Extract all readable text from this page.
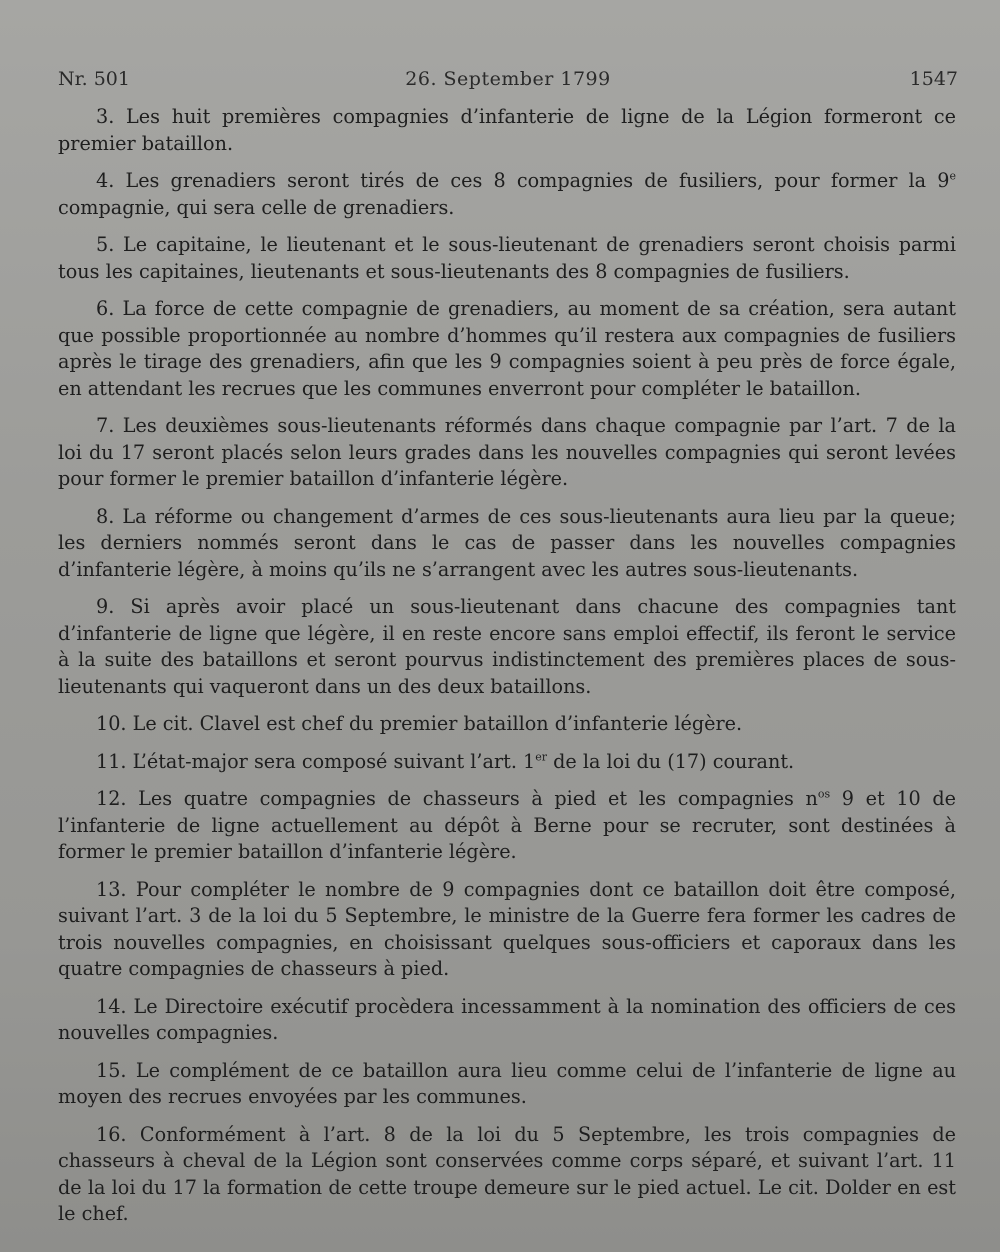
Nr. 501	26. September 1799	1547

3. Les huit premières compagnies d’infanterie de ligne de la Légion formeront ce premier bataillon.

4. Les grenadiers seront tirés de ces 8 compagnies de fusiliers, pour former la 9e compagnie, qui sera celle de grenadiers.

5. Le capitaine, le lieutenant et le sous-lieutenant de grenadiers seront choisis parmi tous les capitaines, lieutenants et sous-lieutenants des 8 compagnies de fusiliers.

6. La force de cette compagnie de grenadiers, au moment de sa création, sera autant que possible proportionnée au nombre d’hommes qu’il restera aux compagnies de fusiliers après le tirage des grenadiers, afin que les 9 compagnies soient à peu près de force égale, en attendant les recrues que les communes enverront pour compléter le bataillon.

7. Les deuxièmes sous-lieutenants réformés dans chaque compagnie par l’art. 7 de la loi du 17 seront placés selon leurs grades dans les nouvelles compagnies qui seront levées pour former le premier bataillon d’infanterie légère.

8. La réforme ou changement d’armes de ces sous-lieutenants aura lieu par la queue; les derniers nommés seront dans le cas de passer dans les nouvelles compagnies d’infanterie légère, à moins qu’ils ne s’arrangent avec les autres sous-lieutenants.

9. Si après avoir placé un sous-lieutenant dans chacune des compagnies tant d’infanterie de ligne que légère, il en reste encore sans emploi effectif, ils feront le service à la suite des bataillons et seront pourvus indistinctement des premières places de sous-lieutenants qui vaqueront dans un des deux bataillons.

10. Le cit. Clavel est chef du premier bataillon d’infanterie légère.

11. L’état-major sera composé suivant l’art. 1er de la loi du (17) courant.

12. Les quatre compagnies de chasseurs à pied et les compagnies $n^{os}$ 9 et 10 de l’infanterie de ligne actuellement au dépôt à Berne pour se recruter, sont destinées à former le premier bataillon d’infanterie légère.

13. Pour compléter le nombre de 9 compagnies dont ce bataillon doit être composé, suivant l’art. 3 de la loi du 5 Septembre, le ministre de la Guerre fera former les cadres de trois nouvelles compagnies, en choisissant quelques sous-officiers et caporaux dans les quatre compagnies de chasseurs à pied.

14. Le Directoire exécutif procèdera incessamment à la nomination des officiers de ces nouvelles compagnies.

15. Le complément de ce bataillon aura lieu comme celui de l’infanterie de ligne au moyen des recrues envoyées par les communes.

16. Conformément à l’art. 8 de la loi du 5 Septembre, les trois compagnies de chasseurs à cheval de la Légion sont conservées comme corps séparé, et suivant l’art. 11 de la loi du 17 la formation de cette troupe demeure sur le pied actuel. Le cit. Dolder en est le chef.
